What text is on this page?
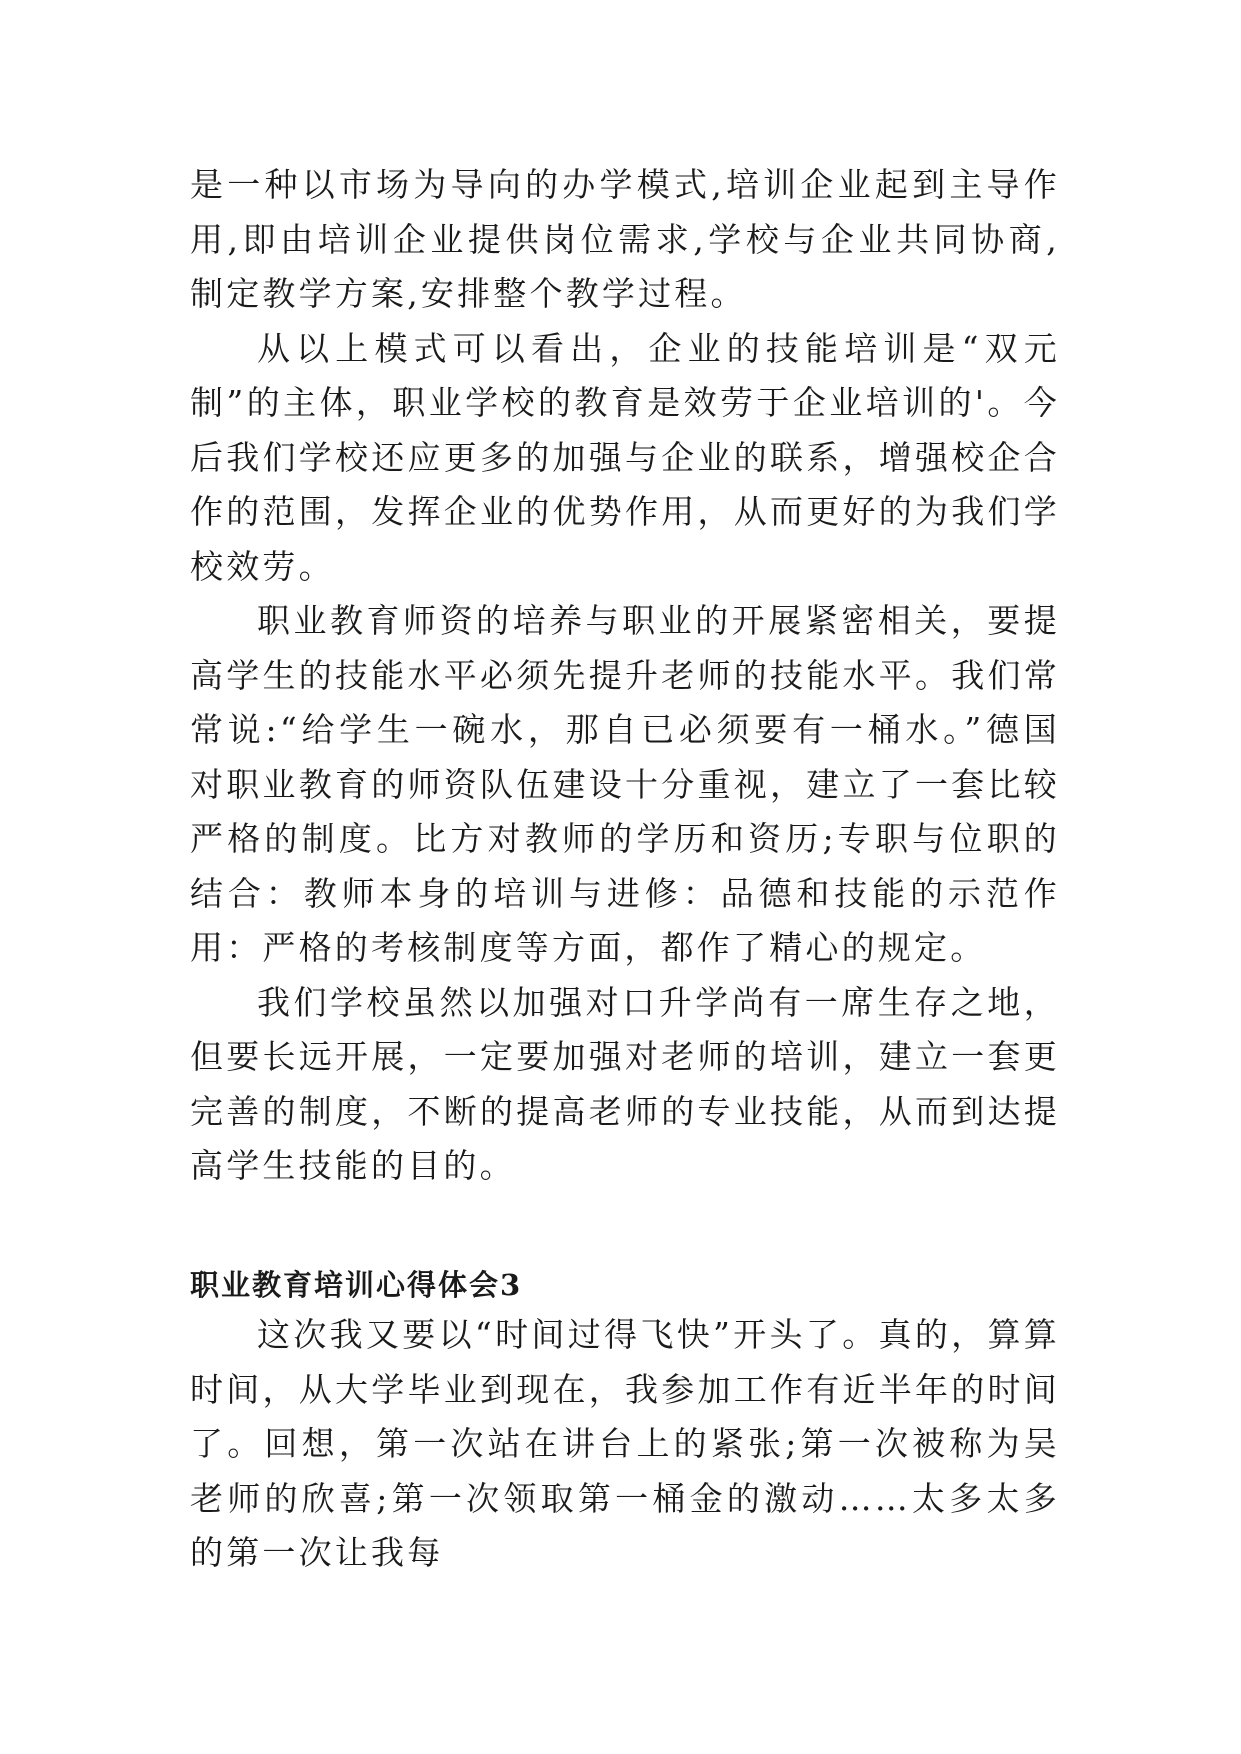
是一种以市场为导向的办学模式,培训企业起到主导作用,即由培训企业提供岗位需求,学校与企业共同协商,制定教学方案,安排整个教学过程。

从以上模式可以看出，企业的技能培训是“双元制”的主体，职业学校的教育是效劳于企业培训的'。今后我们学校还应更多的加强与企业的联系，增强校企合作的范围，发挥企业的优势作用，从而更好的为我们学校效劳。

职业教育师资的培养与职业的开展紧密相关，要提高学生的技能水平必须先提升老师的技能水平。我们常常说:“给学生一碗水，那自已必须要有一桶水。”德国对职业教育的师资队伍建设十分重视，建立了一套比较严格的制度。比方对教师的学历和资历;专职与位职的结合：教师本身的培训与进修：品德和技能的示范作用：严格的考核制度等方面，都作了精心的规定。

我们学校虽然以加强对口升学尚有一席生存之地，但要长远开展，一定要加强对老师的培训，建立一套更完善的制度，不断的提高老师的专业技能，从而到达提高学生技能的目的。

职业教育培训心得体会3

这次我又要以“时间过得飞快”开头了。真的，算算时间，从大学毕业到现在，我参加工作有近半年的时间了。回想，第一次站在讲台上的紧张;第一次被称为吴老师的欣喜;第一次领取第一桶金的激动……太多太多的第一次让我每
